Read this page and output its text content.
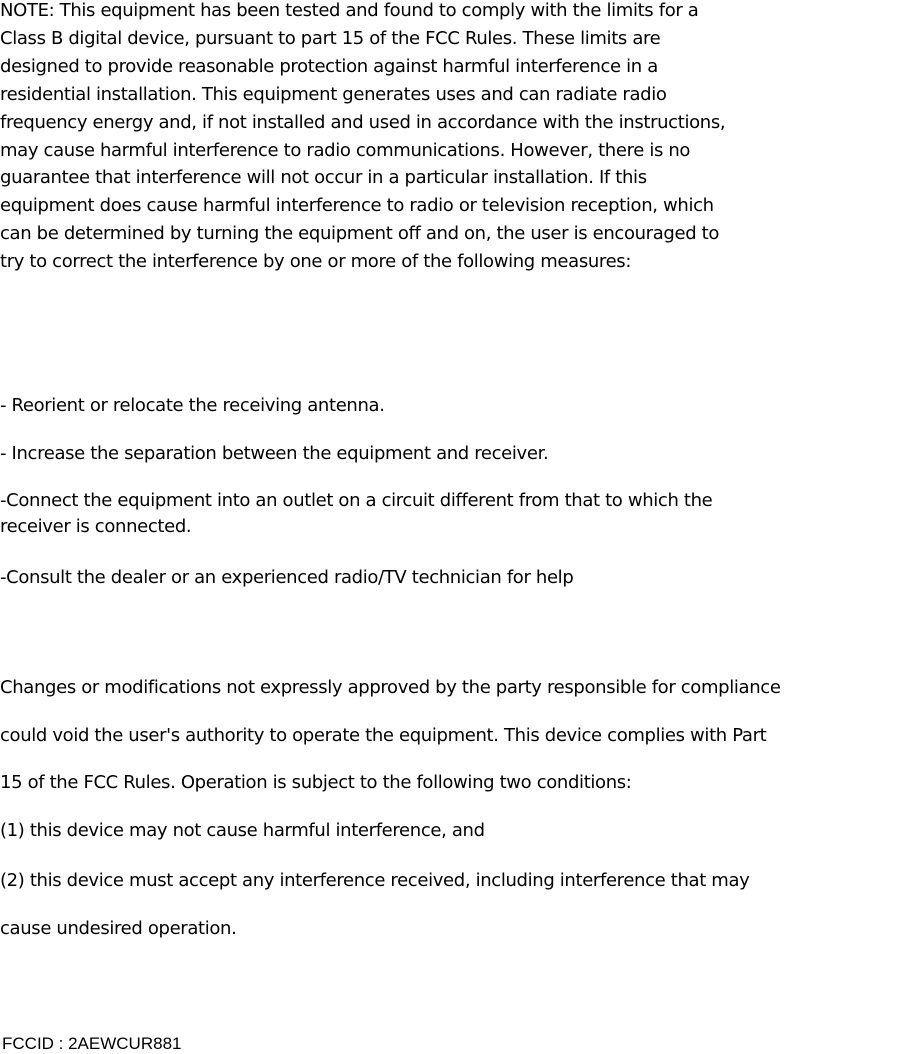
NOTE: This equipment has been tested and found to comply with the limits for a
Class B digital device, pursuant to part 15 of the FCC Rules. These limits are
designed to provide reasonable protection against harmful interference in a
residential installation. This equipment generates uses and can radiate radio
frequency energy and, if not installed and used in accordance with the instructions,
may cause harmful interference to radio communications. However, there is no
guarantee that interference will not occur in a particular installation. If this
equipment does cause harmful interference to radio or television reception, which
can be determined by turning the equipment off and on, the user is encouraged to
try to correct the interference by one or more of the following measures:
- Reorient or relocate the receiving antenna.
- Increase the separation between the equipment and receiver.
-Connect the equipment into an outlet on a circuit different from that to which the
receiver is connected.
-Consult the dealer or an experienced radio/TV technician for help
Changes or modifications not expressly approved by the party responsible for compliance
could void the user's authority to operate the equipment. This device complies with Part
15 of the FCC Rules. Operation is subject to the following two conditions:
(1) this device may not cause harmful interference, and
(2) this device must accept any interference received, including interference that may
cause undesired operation.
FCCID : 2AEWCUR881
